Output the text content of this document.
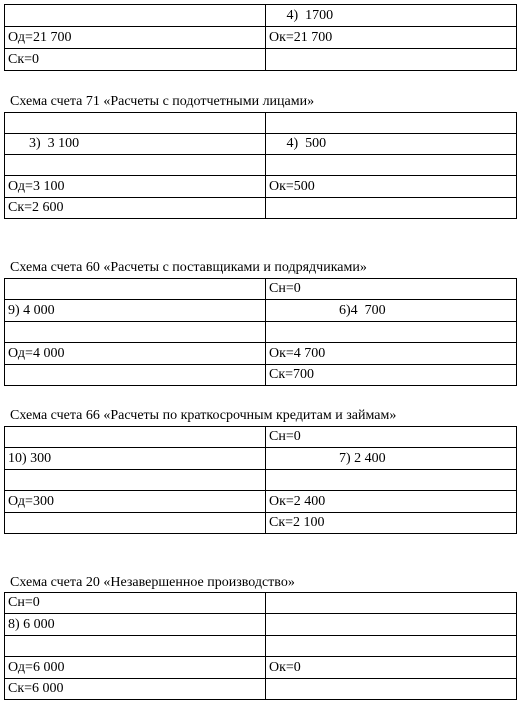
	4)  1700
Од=21 700	Ок=21 700
Ск=0	
Схема счета 71 «Расчеты с подотчетными лицами»

3)  3 100	4)  500

Од=3 100	Ок=500
Ск=2 600	
Схема счета 60 «Расчеты с поставщиками и подрядчиками»
	Сн=0
9) 4 000	6)4  700

Од=4 000	Ок=4 700
	Ск=700
Схема счета 66 «Расчеты по краткосрочным кредитам и займам»
	Сн=0
10) 300	7) 2 400

Од=300	Ок=2 400
	Ск=2 100
Схема счета 20 «Незавершенное производство»
Сн=0	
8) 6 000	

Од=6 000	Ок=0
Ск=6 000	
